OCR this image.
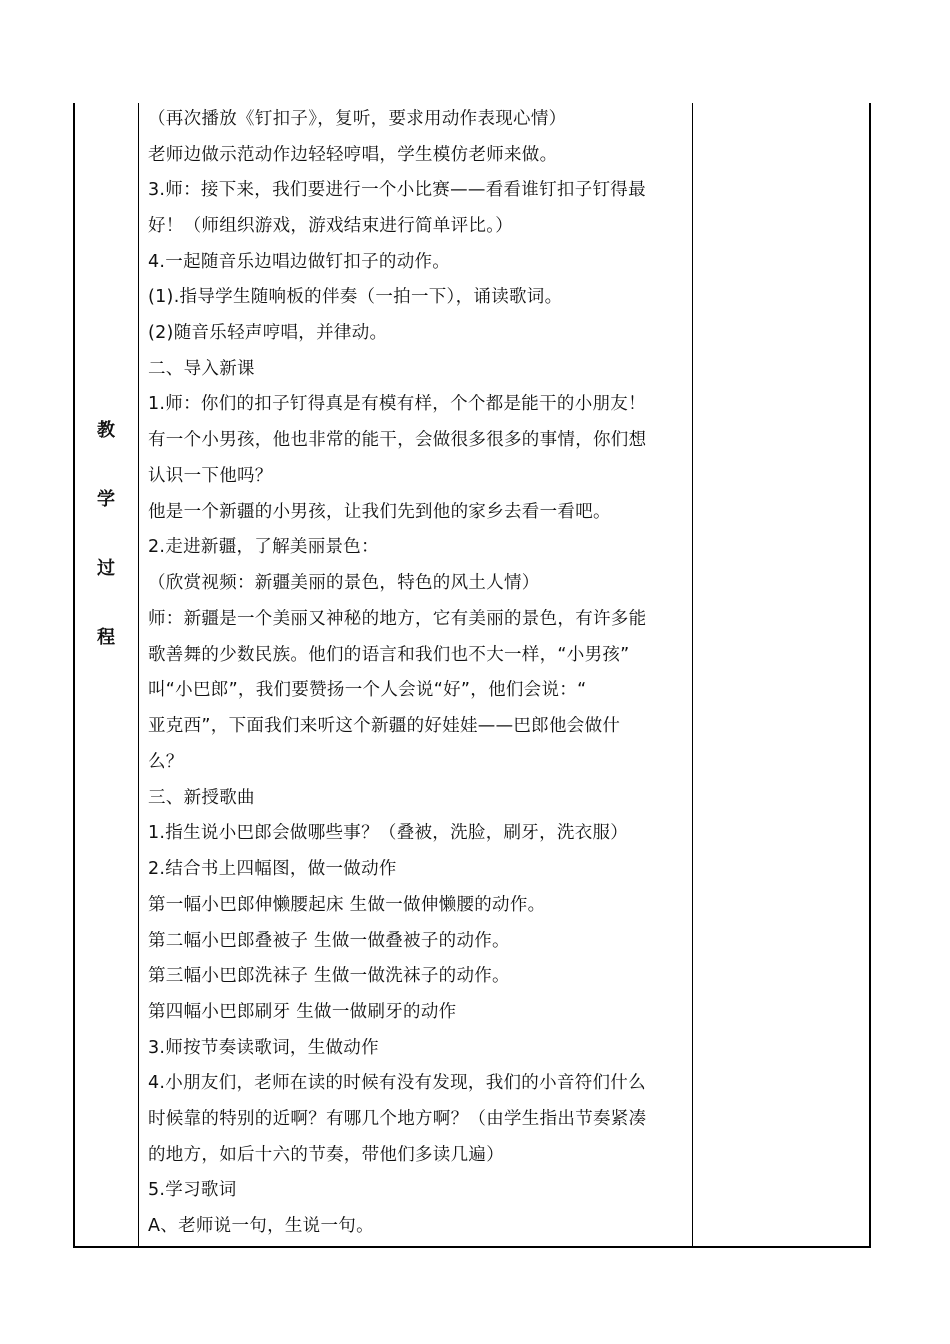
教
学
过
程
（再次播放《钉扣子》，复听，要求用动作表现心情）
老师边做示范动作边轻轻哼唱，学生模仿老师来做。
3.师：接下来，我们要进行一个小比赛——看看谁钉扣子钉得最
好！（师组织游戏，游戏结束进行简单评比。）
4.一起随音乐边唱边做钉扣子的动作。
(1).指导学生随响板的伴奏（一拍一下），诵读歌词。
(2)随音乐轻声哼唱，并律动。
二、导入新课
1.师：你们的扣子钉得真是有模有样，个个都是能干的小朋友！
有一个小男孩，他也非常的能干，会做很多很多的事情，你们想
认识一下他吗？
他是一个新疆的小男孩，让我们先到他的家乡去看一看吧。
2.走进新疆，了解美丽景色：
（欣赏视频：新疆美丽的景色，特色的风土人情）
师：新疆是一个美丽又神秘的地方，它有美丽的景色，有许多能
歌善舞的少数民族。他们的语言和我们也不大一样，“小男孩”
叫“小巴郎”，我们要赞扬一个人会说“好”，他们会说：“
亚克西”，下面我们来听这个新疆的好娃娃——巴郎他会做什
么？
三、新授歌曲
1.指生说小巴郎会做哪些事？（叠被，洗脸，刷牙，洗衣服）
2.结合书上四幅图，做一做动作
第一幅小巴郎伸懒腰起床 生做一做伸懒腰的动作。
第二幅小巴郎叠被子 生做一做叠被子的动作。
第三幅小巴郎洗袜子 生做一做洗袜子的动作。
第四幅小巴郎刷牙 生做一做刷牙的动作
3.师按节奏读歌词，生做动作
4.小朋友们，老师在读的时候有没有发现，我们的小音符们什么
时候靠的特别的近啊？有哪几个地方啊？（由学生指出节奏紧凑
的地方，如后十六的节奏，带他们多读几遍）
5.学习歌词
A、老师说一句，生说一句。
